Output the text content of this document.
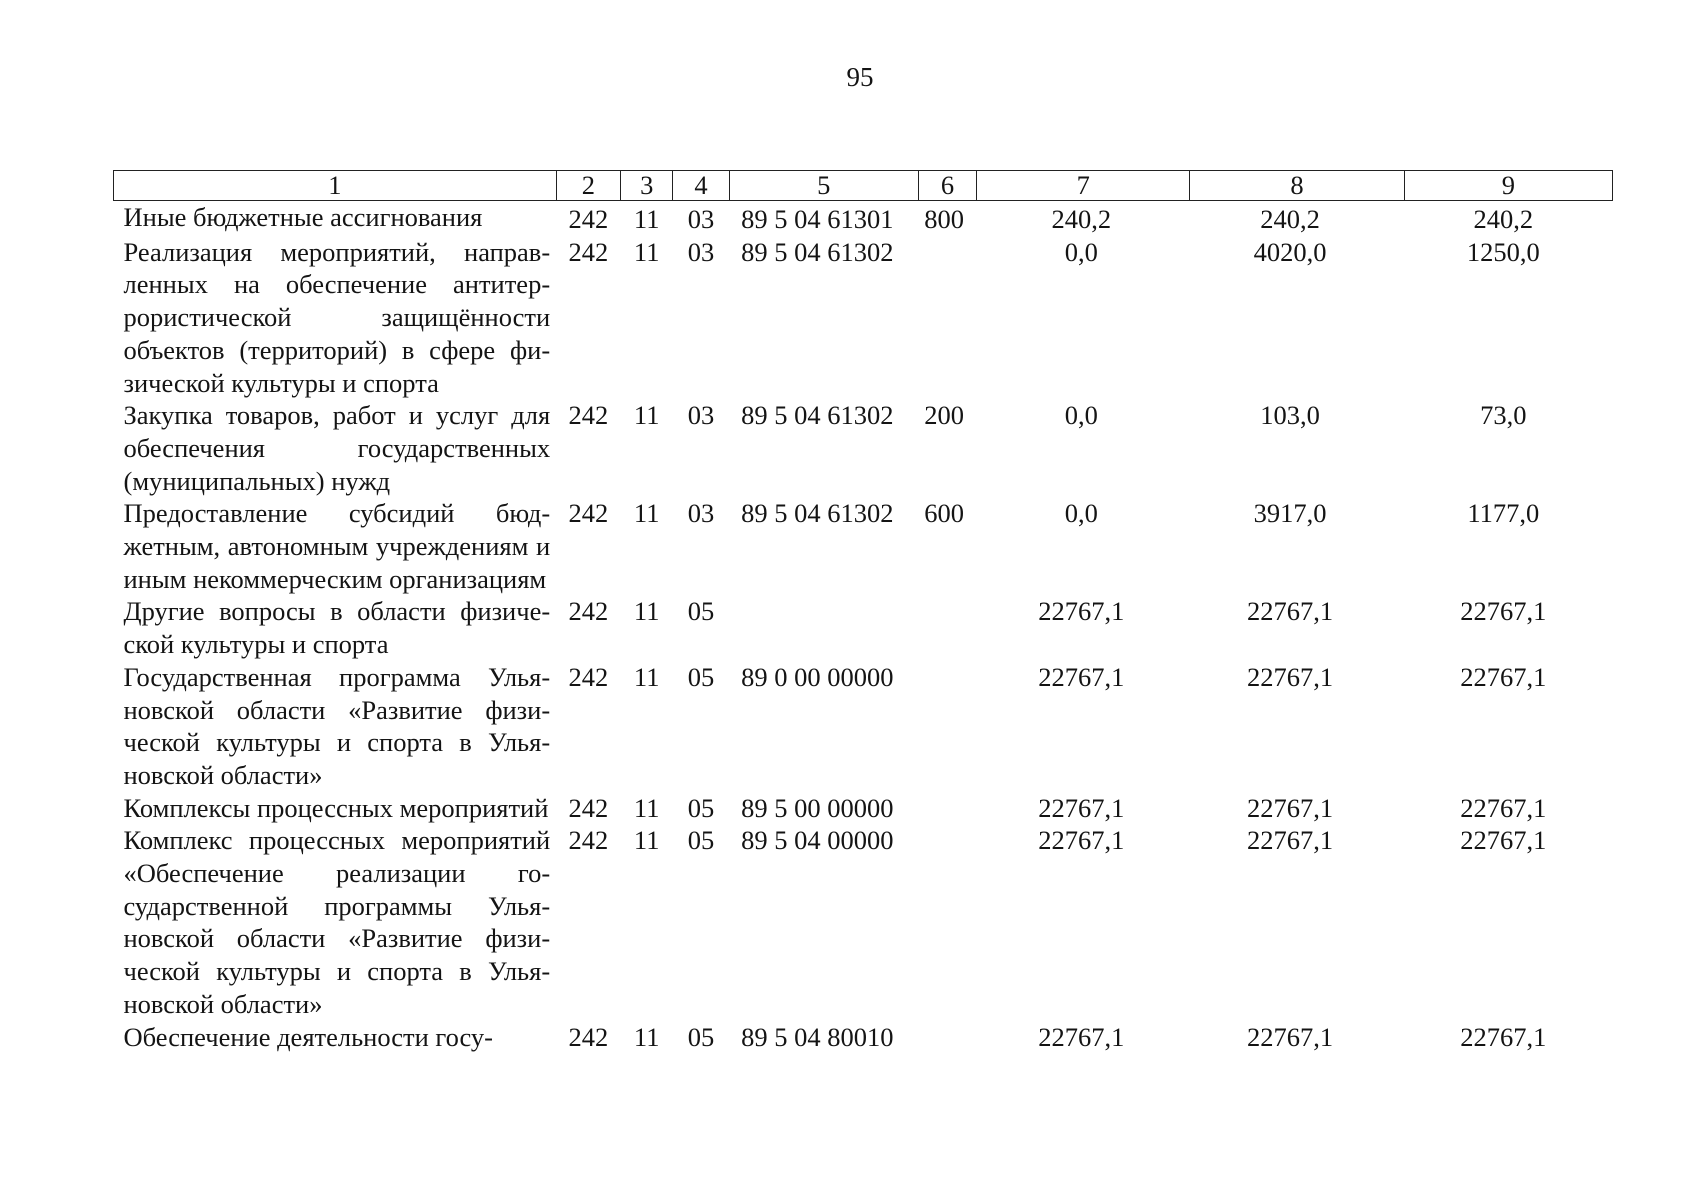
95
1	2	3	4	5	6	7	8	9
Иные бюджетные ассигнования	242	11	03	89 5 04 61301	800	240,2	240,2	240,2
Реализация мероприятий, направленных на обеспечение антитеррористической защищённости объектов (территорий) в сфере физической культуры и спорта	242	11	03	89 5 04 61302		0,0	4020,0	1250,0
Закупка товаров, работ и услуг для обеспечения государственных (муниципальных) нужд	242	11	03	89 5 04 61302	200	0,0	103,0	73,0
Предоставление субсидий бюджетным, автономным учреждениям и иным некоммерческим организациям	242	11	03	89 5 04 61302	600	0,0	3917,0	1177,0
Другие вопросы в области физической культуры и спорта	242	11	05			22767,1	22767,1	22767,1
Государственная программа Ульяновской области «Развитие физической культуры и спорта в Ульяновской области»	242	11	05	89 0 00 00000		22767,1	22767,1	22767,1
Комплексы процессных мероприятий	242	11	05	89 5 00 00000		22767,1	22767,1	22767,1
Комплекс процессных мероприятий «Обеспечение реализации государственной программы Ульяновской области «Развитие физической культуры и спорта в Ульяновской области»	242	11	05	89 5 04 00000		22767,1	22767,1	22767,1
Обеспечение деятельности госу-	242	11	05	89 5 04 80010		22767,1	22767,1	22767,1
